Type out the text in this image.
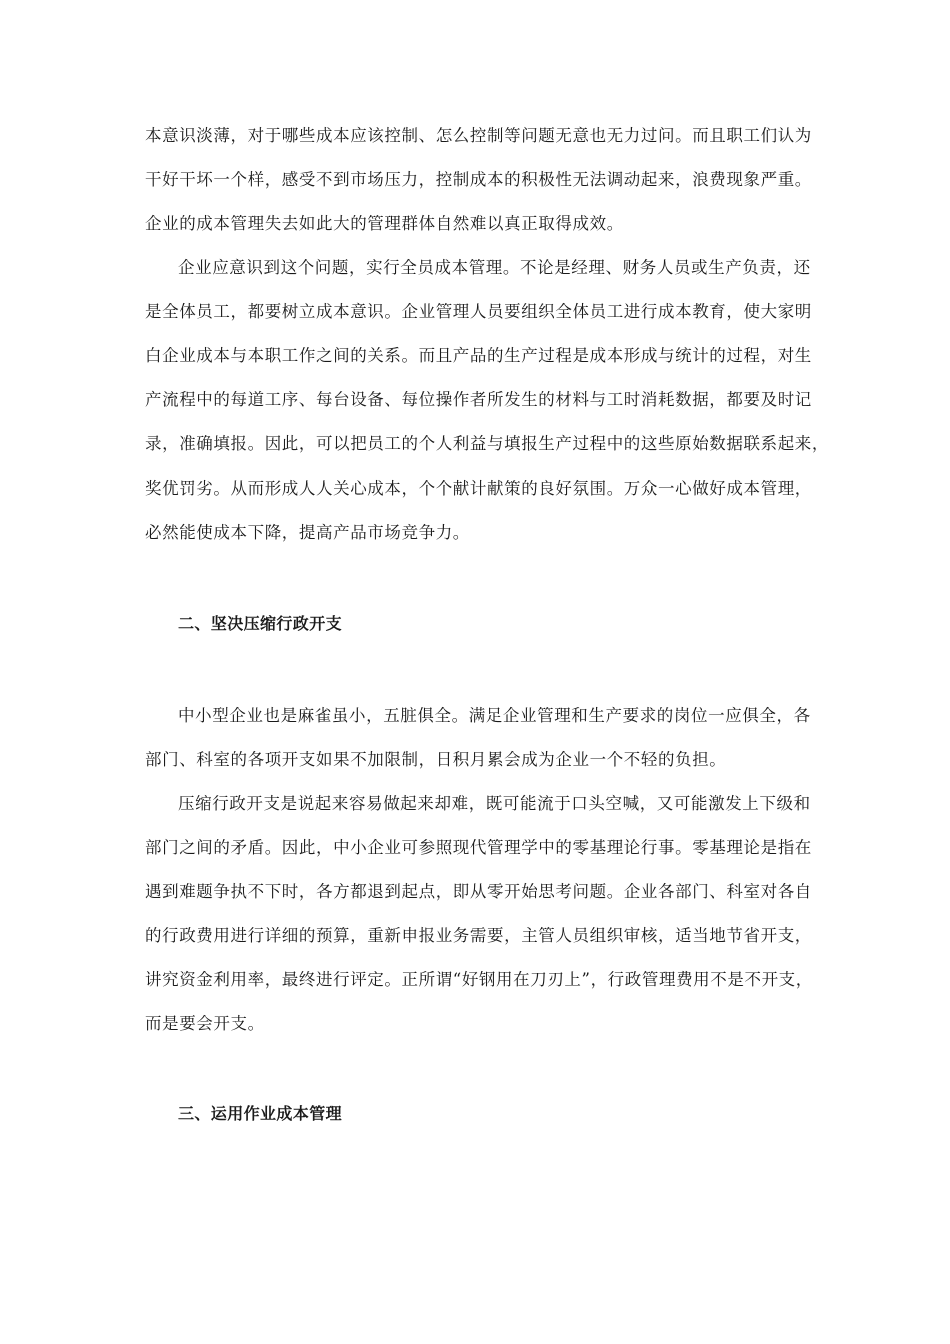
本意识淡薄，对于哪些成本应该控制、怎么控制等问题无意也无力过问。而且职工们认为
干好干坏一个样，感受不到市场压力，控制成本的积极性无法调动起来，浪费现象严重。
企业的成本管理失去如此大的管理群体自然难以真正取得成效。
企业应意识到这个问题，实行全员成本管理。不论是经理、财务人员或生产负责，还
是全体员工，都要树立成本意识。企业管理人员要组织全体员工进行成本教育，使大家明
白企业成本与本职工作之间的关系。而且产品的生产过程是成本形成与统计的过程，对生
产流程中的每道工序、每台设备、每位操作者所发生的材料与工时消耗数据，都要及时记
录，准确填报。因此，可以把员工的个人利益与填报生产过程中的这些原始数据联系起来，
奖优罚劣。从而形成人人关心成本，个个献计献策的良好氛围。万众一心做好成本管理，
必然能使成本下降，提高产品市场竞争力。
二、坚决压缩行政开支
中小型企业也是麻雀虽小，五脏俱全。满足企业管理和生产要求的岗位一应俱全，各
部门、科室的各项开支如果不加限制，日积月累会成为企业一个不轻的负担。
压缩行政开支是说起来容易做起来却难，既可能流于口头空喊，又可能激发上下级和
部门之间的矛盾。因此，中小企业可参照现代管理学中的零基理论行事。零基理论是指在
遇到难题争执不下时，各方都退到起点，即从零开始思考问题。企业各部门、科室对各自
的行政费用进行详细的预算，重新申报业务需要，主管人员组织审核，适当地节省开支，
讲究资金利用率，最终进行评定。正所谓“好钢用在刀刃上”，行政管理费用不是不开支，
而是要会开支。
三、运用作业成本管理
